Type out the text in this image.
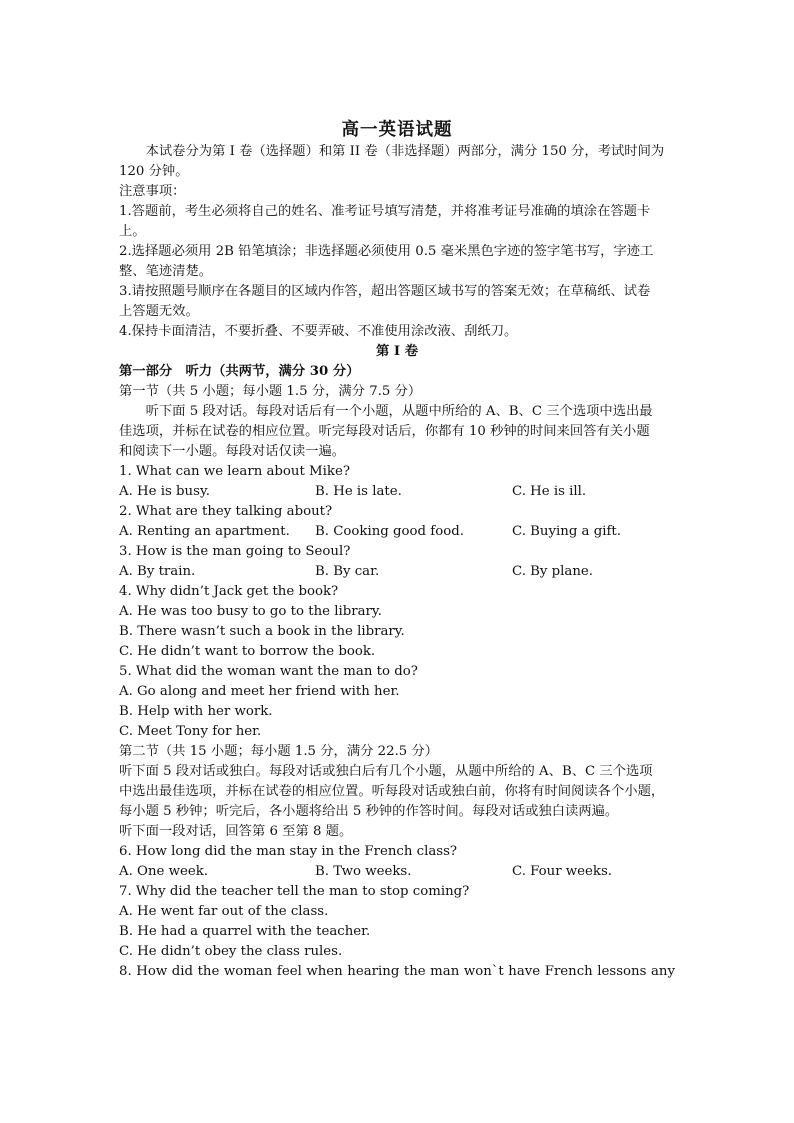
高一英语试题

本试卷分为第 I 卷（选择题）和第 II 卷（非选择题）两部分，满分 150 分，考试时间为

120 分钟。

注意事项：

1.答题前，考生必须将自己的姓名、准考证号填写清楚，并将准考证号准确的填涂在答题卡

上。

2.选择题必须用 2B 铅笔填涂；非选择题必须使用 0.5 毫米黑色字迹的签字笔书写，字迹工

整、笔迹清楚。

3.请按照题号顺序在各题目的区域内作答，超出答题区域书写的答案无效；在草稿纸、试卷

上答题无效。

4.保持卡面清洁，不要折叠、不要弄破、不准使用涂改液、刮纸刀。

第 I 卷

第一部分　听力（共两节，满分 30 分）

第一节（共 5 小题；每小题 1.5 分，满分 7.5 分）

听下面 5 段对话。每段对话后有一个小题，从题中所给的 A、B、C 三个选项中选出最

佳选项，并标在试卷的相应位置。听完每段对话后，你都有 10 秒钟的时间来回答有关小题

和阅读下一小题。每段对话仅读一遍。

1. What can we learn about Mike?

A. He is busy.	B. He is late.	C. He is ill.

2. What are they talking about?

A. Renting an apartment.	B. Cooking good food.	C. Buying a gift.

3. How is the man going to Seoul?

A. By train.	B. By car.	C. By plane.

4. Why didn’t Jack get the book?

A. He was too busy to go to the library.

B. There wasn’t such a book in the library.

C. He didn’t want to borrow the book.

5. What did the woman want the man to do?

A. Go along and meet her friend with her.

B. Help with her work.

C. Meet Tony for her.

第二节（共 15 小题；每小题 1.5 分，满分 22.5 分）

听下面 5 段对话或独白。每段对话或独白后有几个小题，从题中所给的 A、B、C 三个选项

中选出最佳选项，并标在试卷的相应位置。听每段对话或独白前，你将有时间阅读各个小题，

每小题 5 秒钟；听完后，各小题将给出 5 秒钟的作答时间。每段对话或独白读两遍。

听下面一段对话，回答第 6 至第 8 题。

6. How long did the man stay in the French class?

A. One week.	B. Two weeks.	C. Four weeks.

7. Why did the teacher tell the man to stop coming?

A. He went far out of the class.

B. He had a quarrel with the teacher.

C. He didn’t obey the class rules.

8. How did the woman feel when hearing the man won`t have French lessons any
